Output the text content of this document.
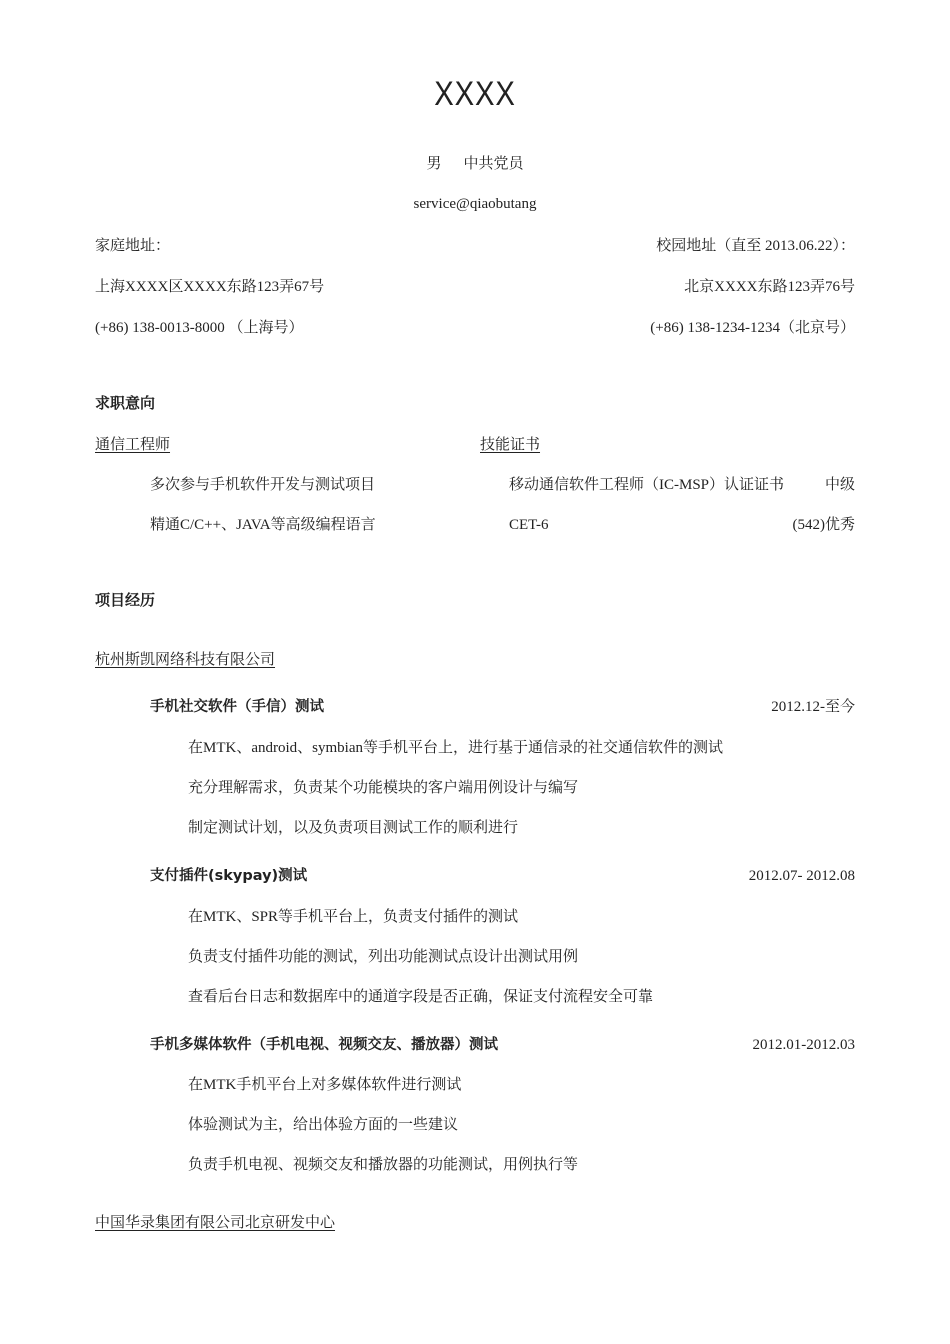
XXXX
男 中共党员
service@qiaobutang
家庭地址：	校园地址（直至 2013.06.22）：
上海XXXX区XXXX东路123弄67号	北京XXXX东路123弄76号
(+86) 138-0013-8000 （上海号）	(+86) 138-1234-1234（北京号）
求职意向
通信工程师	技能证书
多次参与手机软件开发与测试项目	移动通信软件工程师（IC-MSP）认证证书	中级
精通C/C++、JAVA等高级编程语言	CET-6	(542)优秀
项目经历
杭州斯凯网络科技有限公司
手机社交软件（手信）测试	2012.12-至今
在MTK、android、symbian等手机平台上，进行基于通信录的社交通信软件的测试
充分理解需求，负责某个功能模块的客户端用例设计与编写
制定测试计划，以及负责项目测试工作的顺利进行
支付插件(skypay)测试	2012.07- 2012.08
在MTK、SPR等手机平台上，负责支付插件的测试
负责支付插件功能的测试，列出功能测试点设计出测试用例
查看后台日志和数据库中的通道字段是否正确，保证支付流程安全可靠
手机多媒体软件（手机电视、视频交友、播放器）测试	2012.01-2012.03
在MTK手机平台上对多媒体软件进行测试
体验测试为主，给出体验方面的一些建议
负责手机电视、视频交友和播放器的功能测试，用例执行等
中国华录集团有限公司北京研发中心
